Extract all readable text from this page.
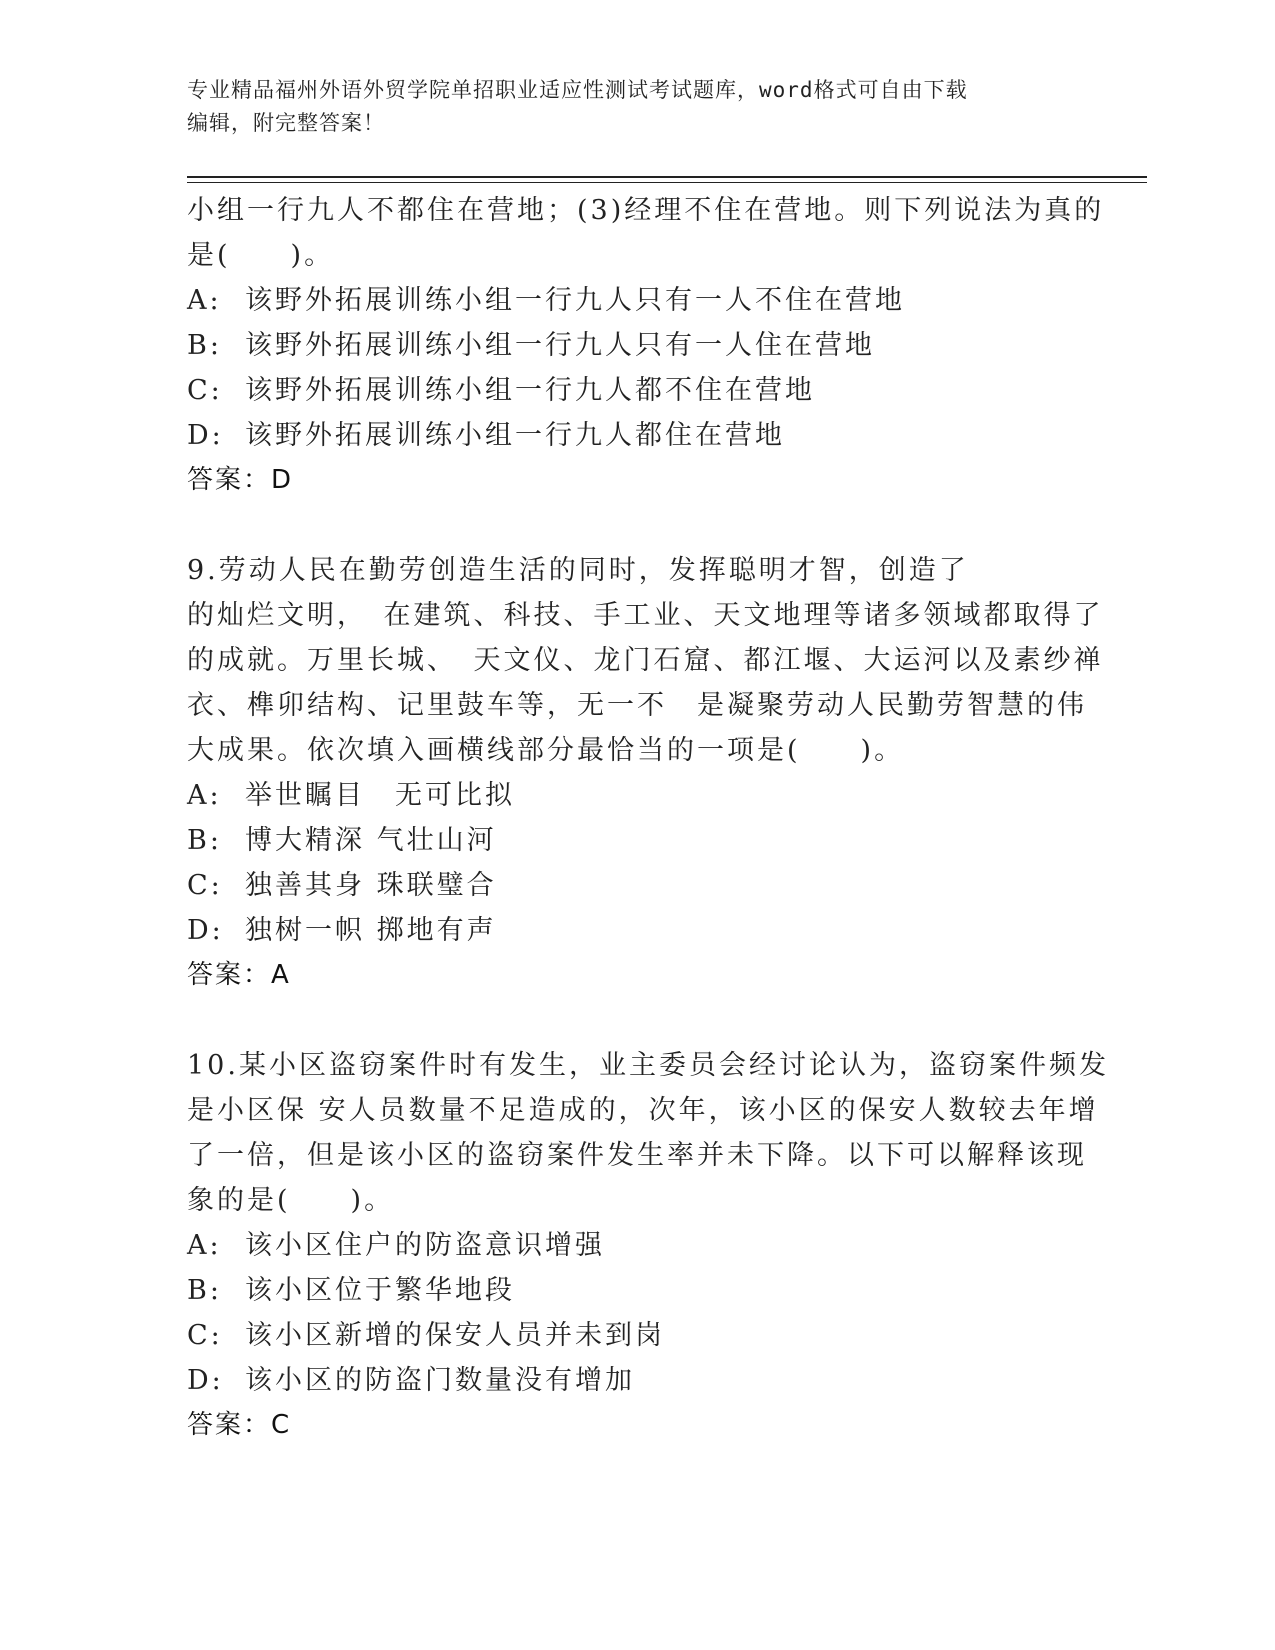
专业精品福州外语外贸学院单招职业适应性测试考试题库，word格式可自由下载
编辑，附完整答案！
小组一行九人不都住在营地；(3)经理不住在营地。则下列说法为真的
是(　　)。
A: 该野外拓展训练小组一行九人只有一人不住在营地
B: 该野外拓展训练小组一行九人只有一人住在营地
C: 该野外拓展训练小组一行九人都不住在营地
D: 该野外拓展训练小组一行九人都住在营地
答案：D
9.劳动人民在勤劳创造生活的同时，发挥聪明才智，创造了
的灿烂文明，　在建筑、科技、手工业、天文地理等诸多领域都取得了
的成就。万里长城、　天文仪、龙门石窟、都江堰、大运河以及素纱禅
衣、榫卯结构、记里鼓车等，无一不　是凝聚劳动人民勤劳智慧的伟
大成果。依次填入画横线部分最恰当的一项是(　　)。
A: 举世瞩目　无可比拟
B: 博大精深 气壮山河
C: 独善其身 珠联璧合
D: 独树一帜 掷地有声
答案：A
10.某小区盗窃案件时有发生，业主委员会经讨论认为，盗窃案件频发
是小区保 安人员数量不足造成的，次年，该小区的保安人数较去年增
了一倍，但是该小区的盗窃案件发生率并未下降。以下可以解释该现
象的是(　　)。
A: 该小区住户的防盗意识增强
B: 该小区位于繁华地段
C: 该小区新增的保安人员并未到岗
D: 该小区的防盗门数量没有增加
答案：C
